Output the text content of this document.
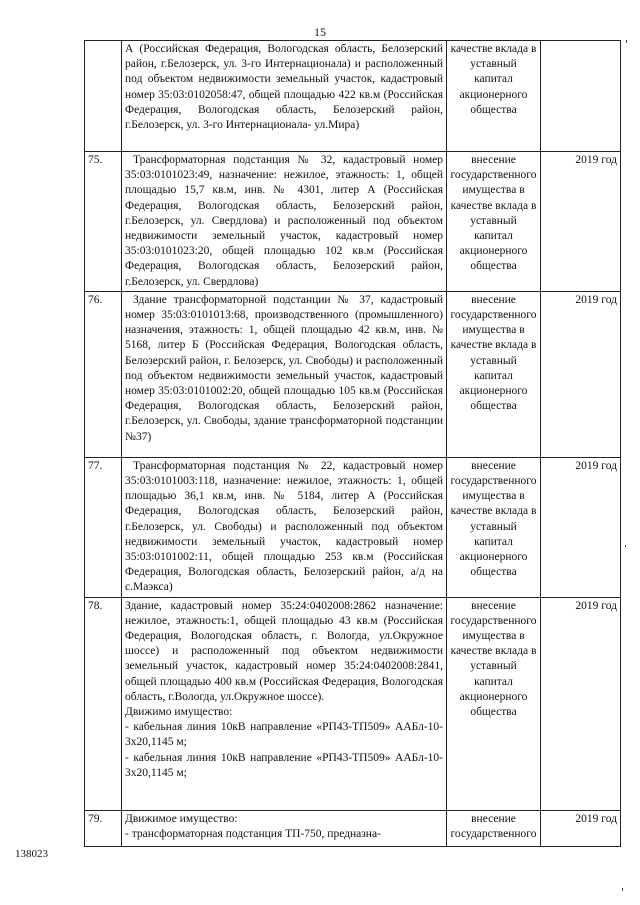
15

	А (Российская Федерация, Вологодская область, Белозерский район, г.Белозерск, ул. 3-го Интернационала) и расположенный под объектом недвижимости земельный участок, кадастровый номер 35:03:0102058:47, общей площадью 422 кв.м (Российская Федерация, Вологодская область, Белозерский район, г.Белозерск, ул. 3-го Интернационала- ул.Мира)	качестве вклада в уставный капитал акционерного общества	
75.	Трансформаторная подстанция № 32, кадастровый номер 35:03:0101023:49, назначение: нежилое, этажность: 1, общей площадью 15,7 кв.м, инв. № 4301, литер А (Российская Федерация, Вологодская область, Белозерский район, г.Белозерск, ул. Свердлова) и расположенный под объектом недвижимости земельный участок, кадастровый номер 35:03:0101023:20, общей площадью 102 кв.м (Российская Федерация, Вологодская область, Белозерский район, г.Белозерск, ул. Свердлова)	внесение государственного имущества в качестве вклада в уставный капитал акционерного общества	2019 год
76.	Здание трансформаторной подстанции № 37, кадастровый номер 35:03:0101013:68, производственного (промышленного) назначения, этажность: 1, общей площадью 42 кв.м, инв. № 5168, литер Б (Российская Федерация, Вологодская область, Белозерский район, г. Белозерск, ул. Свободы) и расположенный под объектом недвижимости земельный участок, кадастровый номер 35:03:0101002:20, общей площадью 105 кв.м (Российская Федерация, Вологодская область, Белозерский район, г.Белозерск, ул. Свободы, здание трансформаторной подстанции №37)	внесение государственного имущества в качестве вклада в уставный капитал акционерного общества	2019 год
77.	Трансформаторная подстанция № 22, кадастровый номер 35:03:0101003:118, назначение: нежилое, этажность: 1, общей площадью 36,1 кв.м, инв. № 5184, литер А (Российская Федерация, Вологодская область, Белозерский район, г.Белозерск, ул. Свободы) и расположенный под объектом недвижимости земельный участок, кадастровый номер 35:03:0101002:11, общей площадью 253 кв.м (Российская Федерация, Вологодская область, Белозерский район, а/д на с.Маэкса)	внесение государственного имущества в качестве вклада в уставный капитал акционерного общества	2019 год
78.	Здание, кадастровый номер 35:24:0402008:2862 назначение: нежилое, этажность:1, общей площадью 43 кв.м (Российская Федерация, Вологодская область, г. Вологда, ул.Окружное шоссе) и расположенный под объектом недвижимости земельный участок, кадастровый номер 35:24:0402008:2841, общей площадью 400 кв.м (Российская Федерация, Вологодская область, г.Вологда, ул.Окружное шоссе).

Движимо имущество:

- кабельная линия 10кВ направление «РП43-ТП509» ААБл-10-3х20,1145 м;

- кабельная линия 10кВ направление «РП43-ТП509» ААБл-10-3х20,1145 м;	внесение государственного имущества в качестве вклада в уставный капитал акционерного общества	2019 год
79.	Движимое имущество:

- трансформаторная подстанция ТП-750, предназна-	внесение государственного	2019 год
138023
